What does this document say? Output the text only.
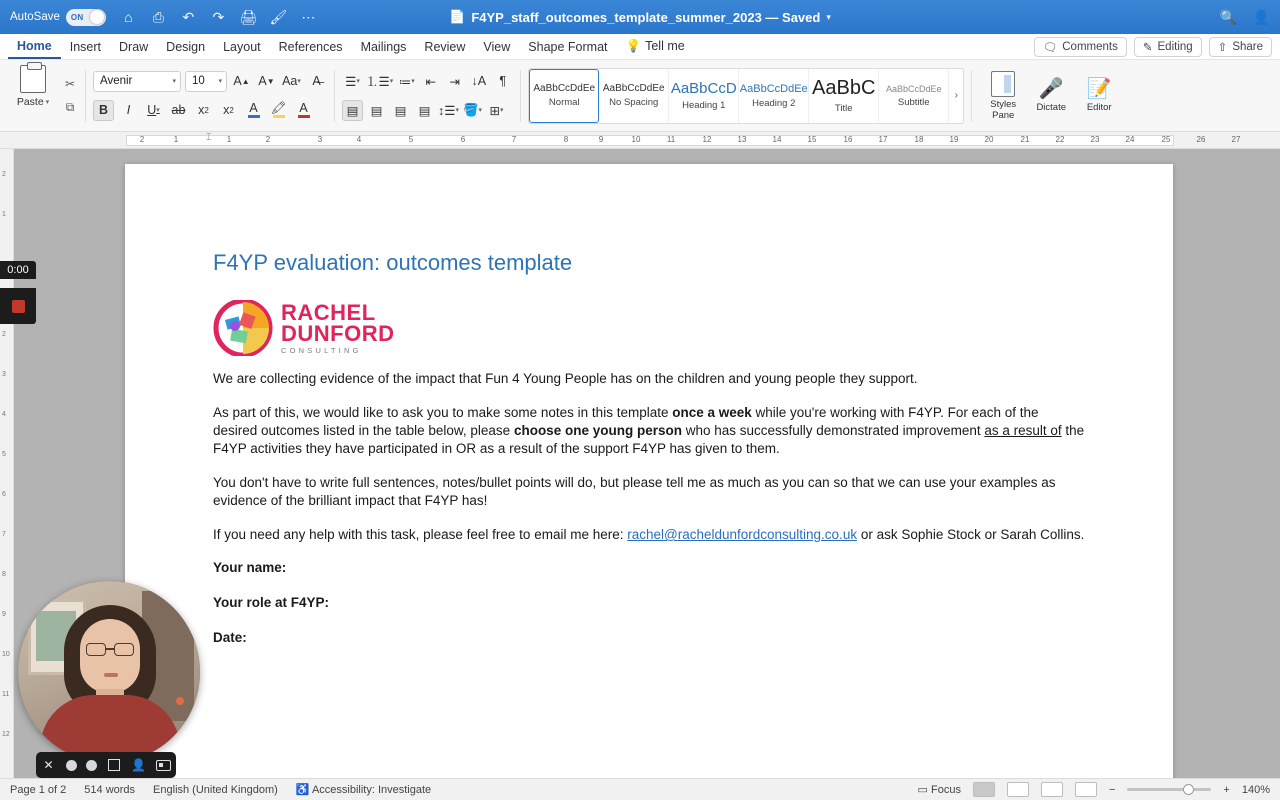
AutoSave ON	⌂	⎙ ↶ ↷ 🖨 🖌 ⋯	📄 F4YP_staff_outcomes_template_summer_2023 — Saved ▾	🔍 👤
Home	Insert	Draw	Design	Layout	References	Mailings	Review	View	Shape Format	💡 Tell me	🗨 Comments ✎ Editing ⇧ Share
Paste ▾
✂
⧉
Avenir	▾ 10 ▾ A ▲ A ▼ Aa ▾ A̶
B	I	U ▾ ab	x 2	x 2	A	🖍	A
☰ ▾ ⒈☰ ▾ ≔ ▾ ⇤	⇥ ↓A	¶
▤ ▤ ▤ ▤ ↕☰ ▾ 🪣 ▾ ⊞ ▾
AaBbCcDdEe
Normal
AaBbCcDdEe
No Spacing
AaBbCcD
Heading 1
AaBbCcDdEe
Heading 2
AaBbC
Title
AaBbCcDdEe
Subtitle
›
Styles Pane
🎤
Dictate
📝
Editor
2	1	⌶ 1	2	3	4	5	6	7	8	9	10	11	12	13	14	15	16	17	18	19	20	21	22	23	24	25	26	27
2
1
2
3
4
5
6
7
8
9
10
11
12
F4YP evaluation: outcomes template
RACHEL
DUNFORD
CONSULTING

We are collecting evidence of the impact that Fun 4 Young People has on the children and young people they support.

As part of this, we would like to ask you to make some notes in this template once a week while you're working with F4YP. For each of the desired outcomes listed in the table below, please choose one young person who has successfully demonstrated improvement as a result of the F4YP activities they have participated in OR as a result of the support F4YP has given to them.

You don't have to write full sentences, notes/bullet points will do, but please tell me as much as you can so that we can use your examples as evidence of the brilliant impact that F4YP has!

If you need any help with this task, please feel free to email me here: rachel@racheldunfordconsulting.co.uk or ask Sophie Stock or Sarah Collins.

Your name:

Your role at F4YP:

Date:

Page 1 of 2 514 words English (United Kingdom) ♿ Accessibility: Investigate	▭ Focus	−	+ 140%
0:00
✕	👤
